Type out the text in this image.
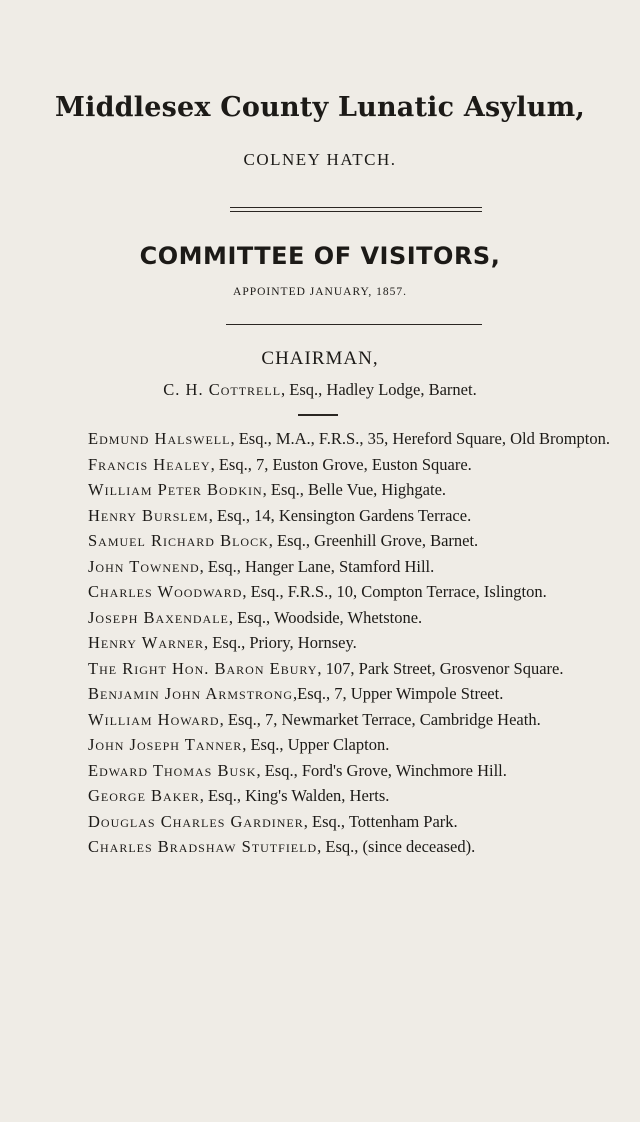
Middlesex County Lunatic Asylum,
COLNEY HATCH.
COMMITTEE OF VISITORS,
APPOINTED JANUARY, 1857.
CHAIRMAN,
C. H. Cottrell, Esq., Hadley Lodge, Barnet.
Edmund Halswell, Esq., M.A., F.R.S., 35, Hereford Square, Old Brompton.
Francis Healey, Esq., 7, Euston Grove, Euston Square.
William Peter Bodkin, Esq., Belle Vue, Highgate.
Henry Burslem, Esq., 14, Kensington Gardens Terrace.
Samuel Richard Block, Esq., Greenhill Grove, Barnet.
John Townend, Esq., Hanger Lane, Stamford Hill.
Charles Woodward, Esq., F.R.S., 10, Compton Terrace, Islington.
Joseph Baxendale, Esq., Woodside, Whetstone.
Henry Warner, Esq., Priory, Hornsey.
The Right Hon. Baron Ebury, 107, Park Street, Grosvenor Square.
Benjamin John Armstrong,Esq., 7, Upper Wimpole Street.
William Howard, Esq., 7, Newmarket Terrace, Cambridge Heath.
John Joseph Tanner, Esq., Upper Clapton.
Edward Thomas Busk, Esq., Ford's Grove, Winchmore Hill.
George Baker, Esq., King's Walden, Herts.
Douglas Charles Gardiner, Esq., Tottenham Park.
Charles Bradshaw Stutfield, Esq., (since deceased).
